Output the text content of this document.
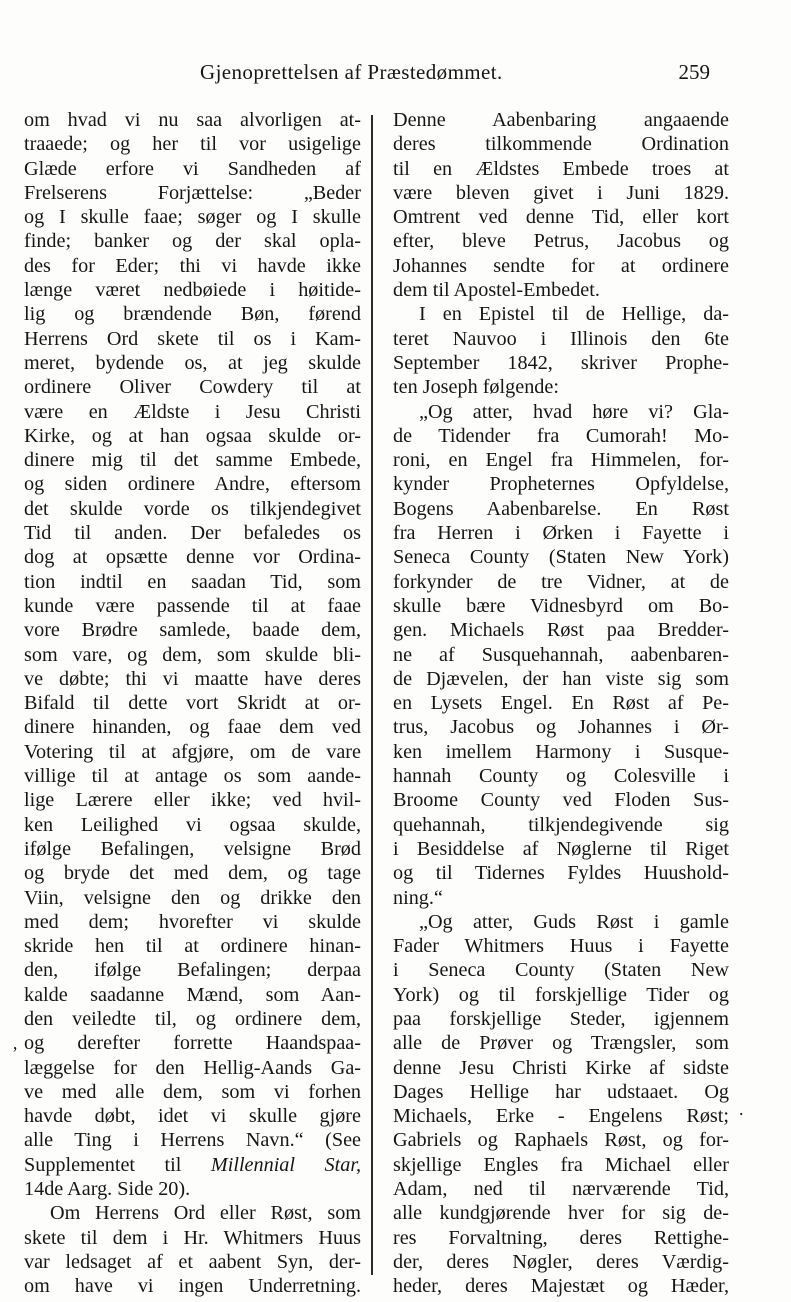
Gjenoprettelsen af Præstedømmet.	259
om hvad vi nu saa alvorligen at-
traaede; og her til vor usigelige
Glæde erfore vi Sandheden af
Frelserens Forjættelse: „Beder
og I skulle faae; søger og I skulle
finde; banker og der skal opla-
des for Eder; thi vi havde ikke
længe været nedbøiede i høitide-
lig og brændende Bøn, førend
Herrens Ord skete til os i Kam-
meret, bydende os, at jeg skulde
ordinere Oliver Cowdery til at
være en Ældste i Jesu Christi
Kirke, og at han ogsaa skulde or-
dinere mig til det samme Embede,
og siden ordinere Andre, eftersom
det skulde vorde os tilkjendegivet
Tid til anden. Der befaledes os
dog at opsætte denne vor Ordina-
tion indtil en saadan Tid, som
kunde være passende til at faae
vore Brødre samlede, baade dem,
som vare, og dem, som skulde bli-
ve døbte; thi vi maatte have deres
Bifald til dette vort Skridt at or-
dinere hinanden, og faae dem ved
Votering til at afgjøre, om de vare
villige til at antage os som aande-
lige Lærere eller ikke; ved hvil-
ken Leilighed vi ogsaa skulde,
ifølge Befalingen, velsigne Brød
og bryde det med dem, og tage
Viin, velsigne den og drikke den
med dem; hvorefter vi skulde
skride hen til at ordinere hinan-
den, ifølge Befalingen; derpaa
kalde saadanne Mænd, som Aan-
den veiledte til, og ordinere dem,
og derefter forrette Haandspaa-
læggelse for den Hellig-Aands Ga-
ve med alle dem, som vi forhen
havde døbt, idet vi skulle gjøre
alle Ting i Herrens Navn.“ (See
Supplementet til Millennial Star,
14de Aarg. Side 20).
Om Herrens Ord eller Røst, som
skete til dem i Hr. Whitmers Huus
var ledsaget af et aabent Syn, der-
om have vi ingen Underretning.
Denne Aabenbaring angaaende
deres tilkommende Ordination
til en Ældstes Embede troes at
være bleven givet i Juni 1829.
Omtrent ved denne Tid, eller kort
efter, bleve Petrus, Jacobus og
Johannes sendte for at ordinere
dem til Apostel-Embedet.
I en Epistel til de Hellige, da-
teret Nauvoo i Illinois den 6te
September 1842, skriver Prophe-
ten Joseph følgende:
„Og atter, hvad høre vi? Gla-
de Tidender fra Cumorah! Mo-
roni, en Engel fra Himmelen, for-
kynder Propheternes Opfyldelse,
Bogens Aabenbarelse. En Røst
fra Herren i Ørken i Fayette i
Seneca County (Staten New York)
forkynder de tre Vidner, at de
skulle bære Vidnesbyrd om Bo-
gen. Michaels Røst paa Bredder-
ne af Susquehannah, aabenbaren-
de Djævelen, der han viste sig som
en Lysets Engel. En Røst af Pe-
trus, Jacobus og Johannes i Ør-
ken imellem Harmony i Susque-
hannah County og Colesville i
Broome County ved Floden Sus-
quehannah, tilkjendegivende sig
i Besiddelse af Nøglerne til Riget
og til Tidernes Fyldes Huushold-
ning.“
„Og atter, Guds Røst i gamle
Fader Whitmers Huus i Fayette
i Seneca County (Staten New
York) og til forskjellige Tider og
paa forskjellige Steder, igjennem
alle de Prøver og Trængsler, som
denne Jesu Christi Kirke af sidste
Dages Hellige har udstaaet. Og
Michaels, Erke - Engelens Røst;
Gabriels og Raphaels Røst, og for-
skjellige Engles fra Michael eller
Adam, ned til nærværende Tid,
alle kundgjørende hver for sig de-
res Forvaltning, deres Rettighe-
der, deres Nøgler, deres Værdig-
heder, deres Majestæt og Hæder,
‚
.
